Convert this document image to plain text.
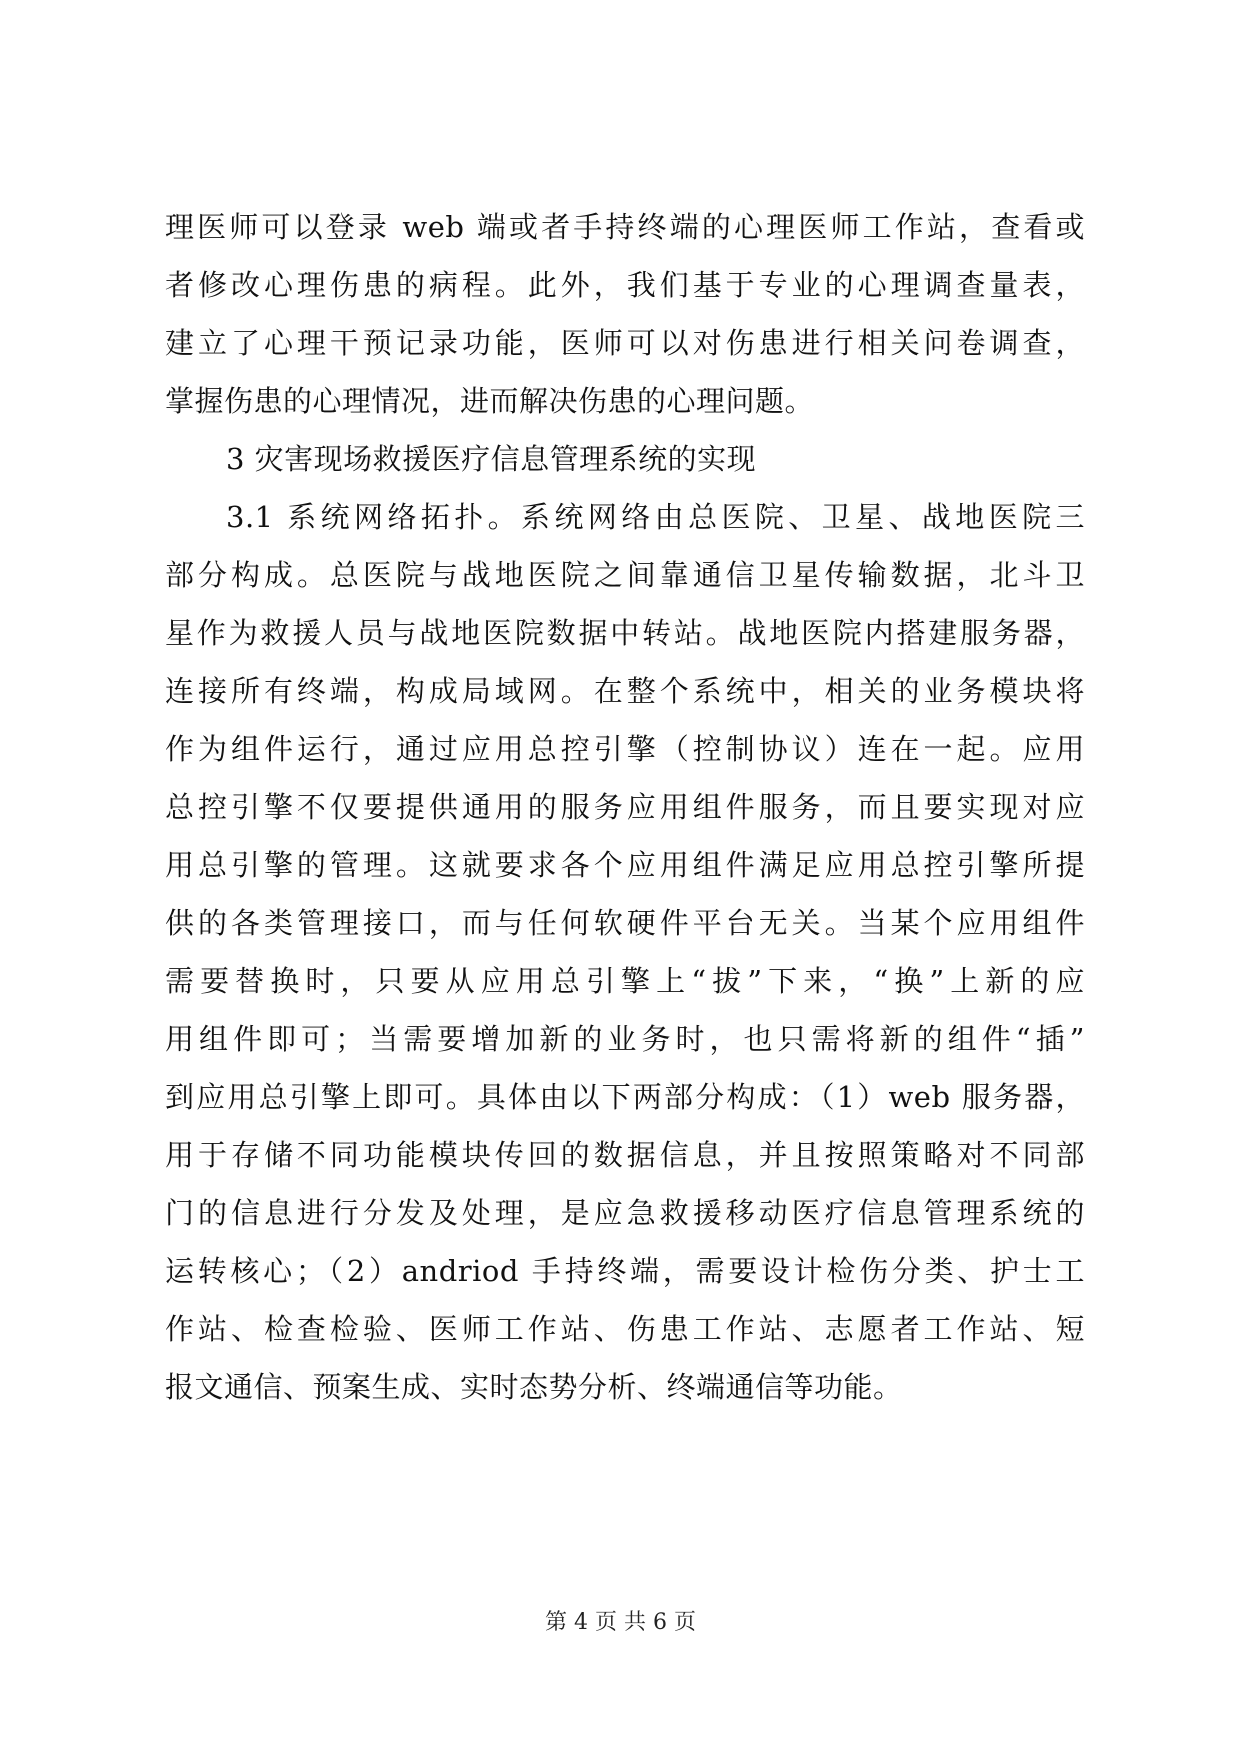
理医师可以登录 web 端或者手持终端的心理医师工作站，查看或
者修改心理伤患的病程。此外，我们基于专业的心理调查量表，
建立了心理干预记录功能，医师可以对伤患进行相关问卷调查，
掌握伤患的心理情况，进而解决伤患的心理问题。
3 灾害现场救援医疗信息管理系统的实现
3.1 系统网络拓扑。系统网络由总医院、卫星、战地医院三
部分构成。总医院与战地医院之间靠通信卫星传输数据，北斗卫
星作为救援人员与战地医院数据中转站。战地医院内搭建服务器，
连接所有终端，构成局域网。在整个系统中，相关的业务模块将
作为组件运行，通过应用总控引擎（控制协议）连在一起。应用
总控引擎不仅要提供通用的服务应用组件服务，而且要实现对应
用总引擎的管理。这就要求各个应用组件满足应用总控引擎所提
供的各类管理接口，而与任何软硬件平台无关。当某个应用组件
需要替换时，只要从应用总引擎上“拔”下来，“换”上新的应
用组件即可；当需要增加新的业务时，也只需将新的组件“插”
到应用总引擎上即可。具体由以下两部分构成：（1）web 服务器，
用于存储不同功能模块传回的数据信息，并且按照策略对不同部
门的信息进行分发及处理，是应急救援移动医疗信息管理系统的
运转核心；（2）andriod 手持终端，需要设计检伤分类、护士工
作站、检查检验、医师工作站、伤患工作站、志愿者工作站、短
报文通信、预案生成、实时态势分析、终端通信等功能。
第 4 页 共 6 页
